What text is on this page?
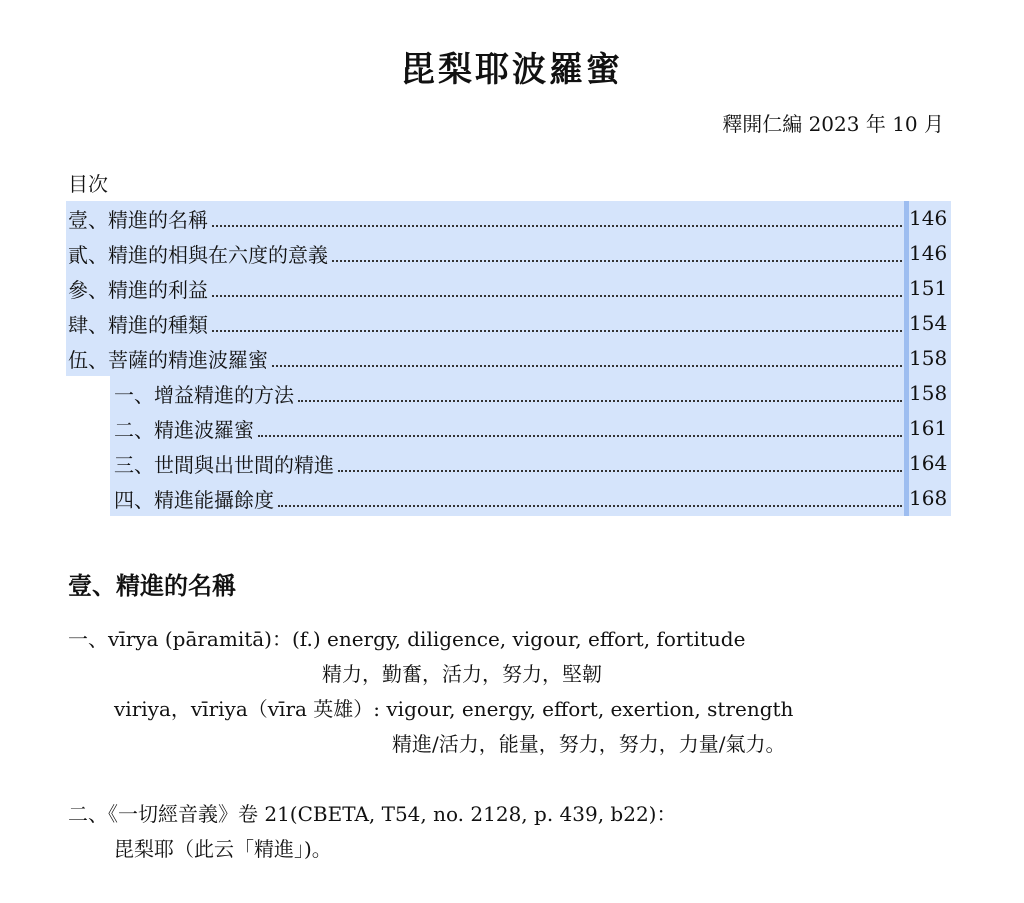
毘梨耶波羅蜜
釋開仁編 2023 年 10 月
目次
壹、精進的名稱	146
貳、精進的相與在六度的意義	146
參、精進的利益	151
肆、精進的種類	154
伍、菩薩的精進波羅蜜	158
一、增益精進的方法	158
二、精進波羅蜜	161
三、世間與出世間的精進	164
四、精進能攝餘度	168
壹、精進的名稱
一、vīrya (pāramitā)：(f.) energy, diligence, vigour, effort, fortitude
精力，勤奮，活力，努力，堅韌
viriya，vīriya（vīra 英雄）: vigour, energy, effort, exertion, strength
精進/活力，能量，努力，努力，力量/氣力。
二、《一切經音義》卷 21(CBETA, T54, no. 2128, p. 439, b22)：
毘梨耶（此云「精進」)。
